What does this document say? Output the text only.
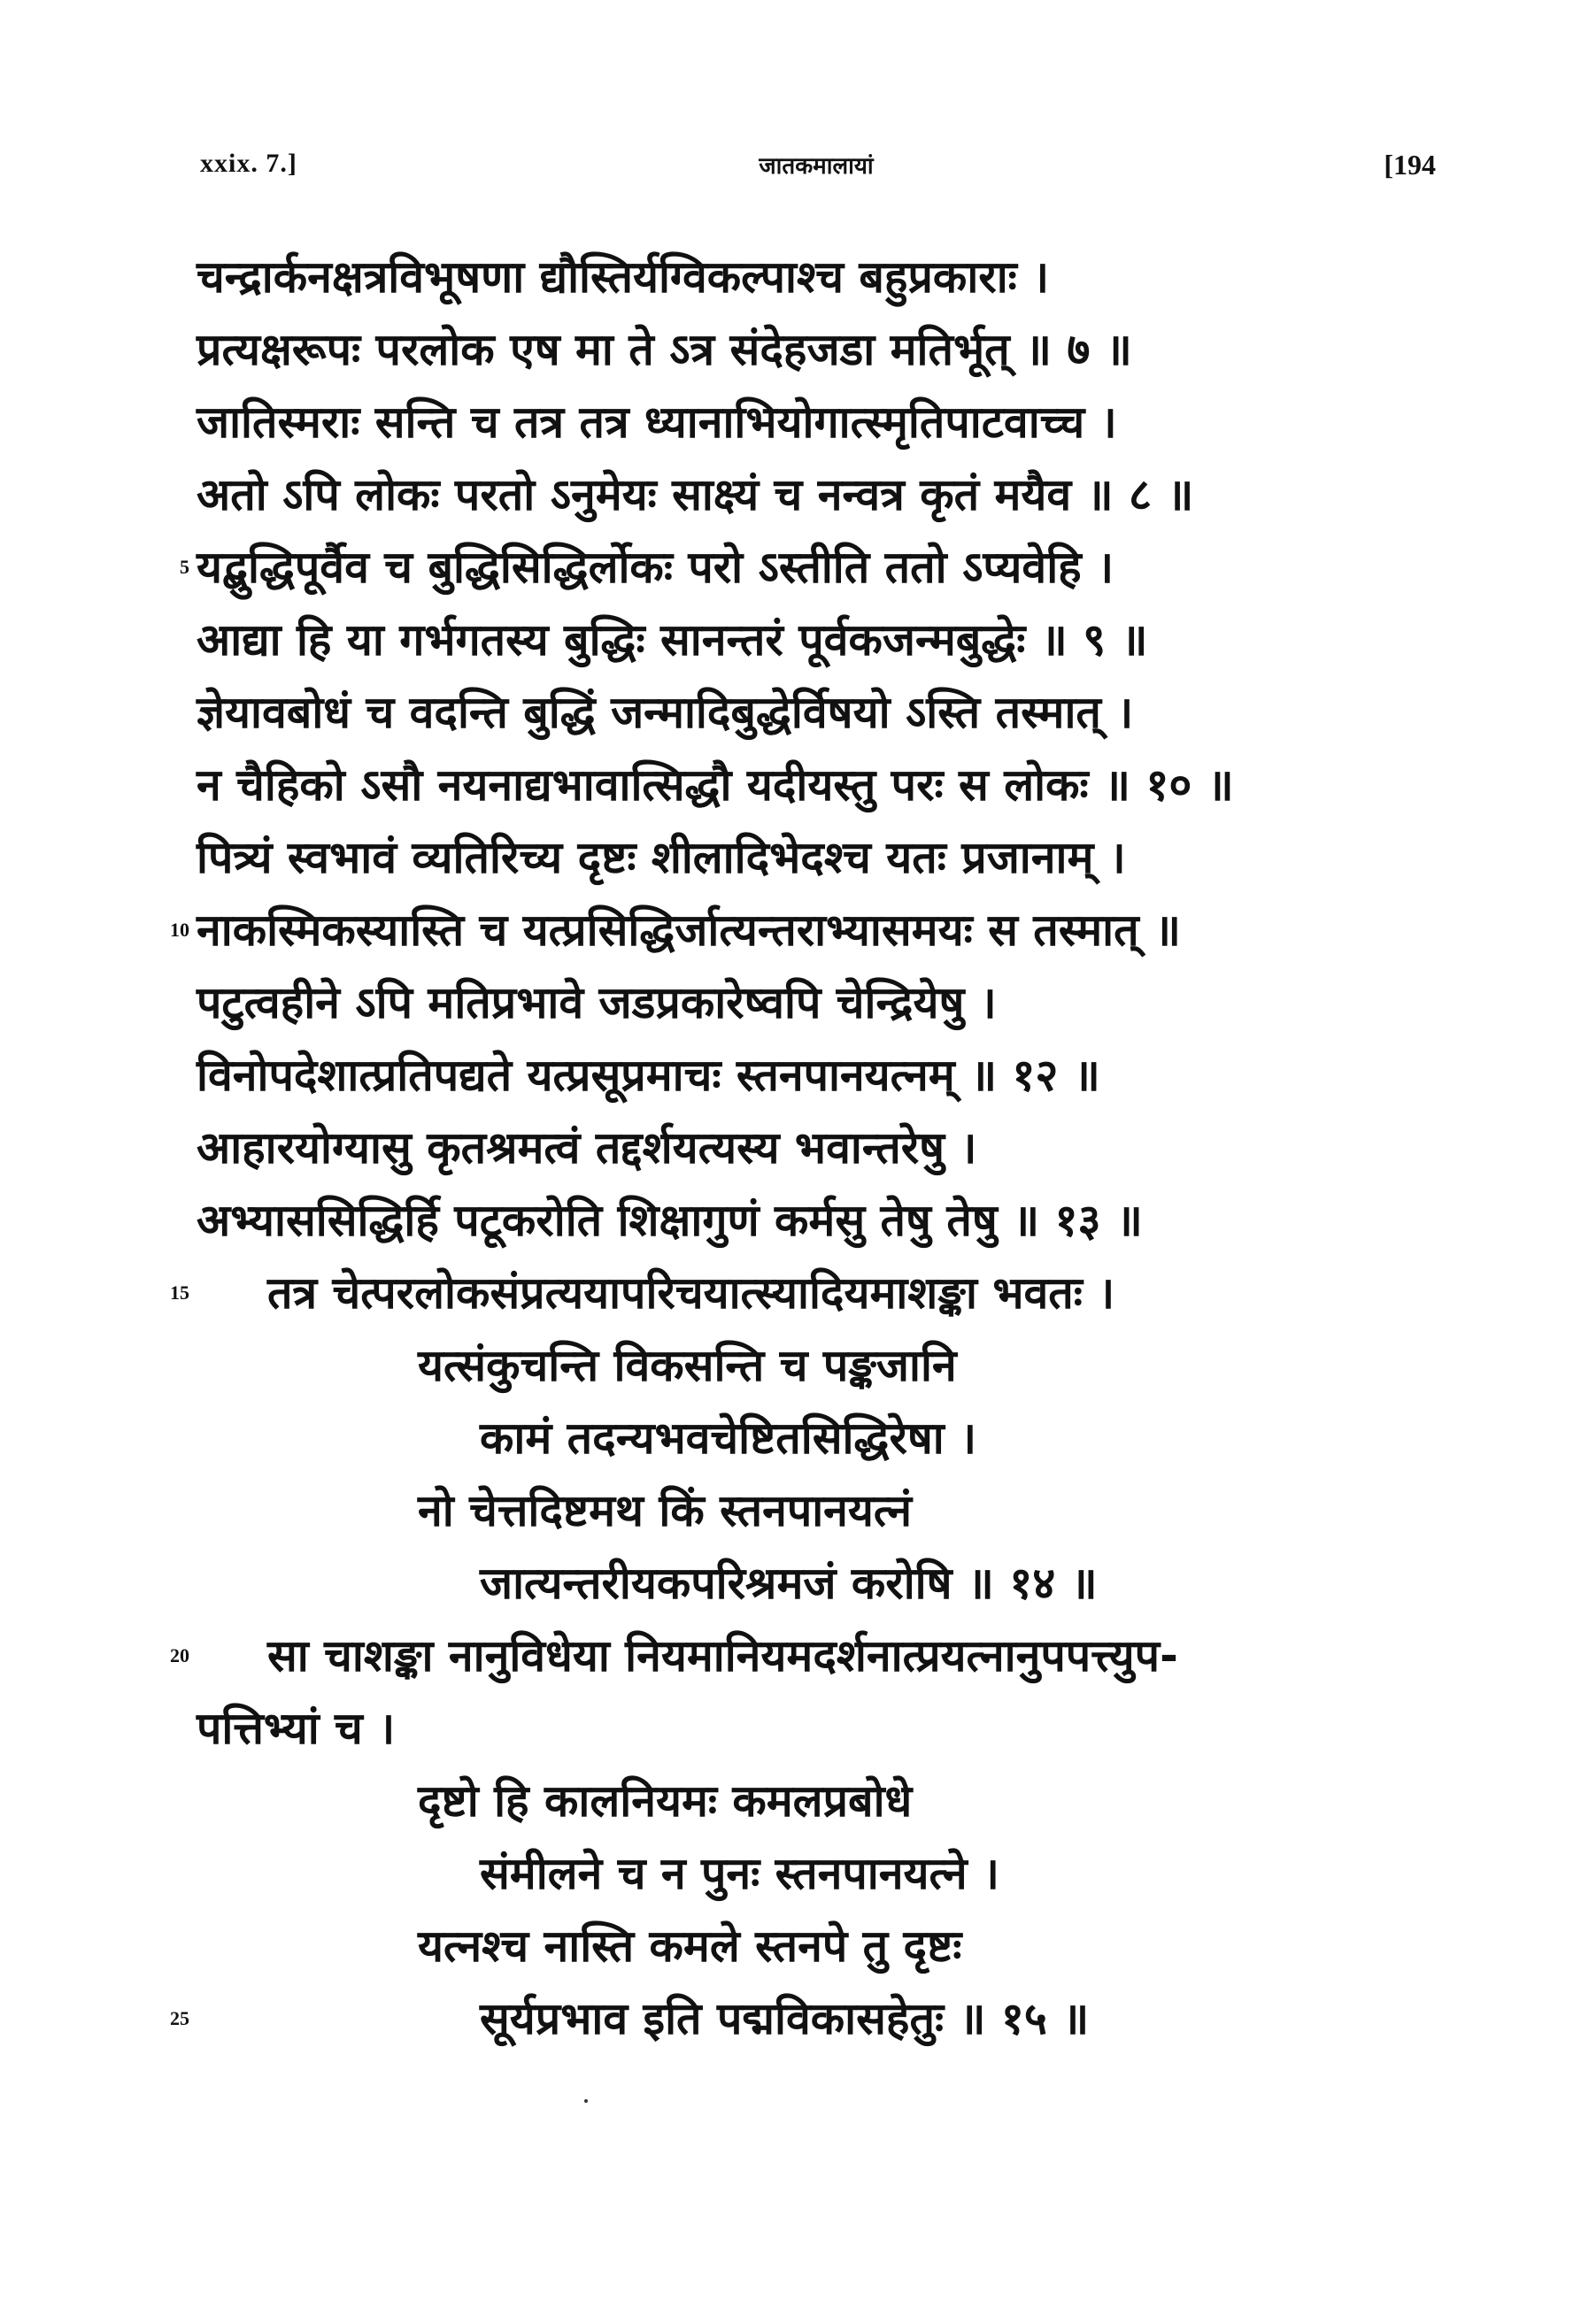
xxix. 7.]	जातकमालायां	[194
चन्द्रार्कनक्षत्रविभूषणा द्यौस्तिर्यग्विकल्पाश्च बहुप्रकाराः ।
प्रत्यक्षरूपः परलोक एष मा ते ऽत्र संदेहजडा मतिर्भूत् ॥ ७ ॥
जातिस्मराः सन्ति च तत्र तत्र ध्यानाभियोगात्स्मृतिपाटवाच्च ।
अतो ऽपि लोकः परतो ऽनुमेयः साक्ष्यं च नन्वत्र कृतं मयैव ॥ ८ ॥
5 यद्बुद्धिपूर्वैव च बुद्धिसिद्धिर्लोकः परो ऽस्तीति ततो ऽप्यवेहि ।
आद्या हि या गर्भगतस्य बुद्धिः सानन्तरं पूर्वकजन्मबुद्धेः ॥ ९ ॥
ज्ञेयावबोधं च वदन्ति बुद्धिं जन्मादिबुद्धेर्विषयो ऽस्ति तस्मात् ।
न चैहिको ऽसौ नयनाद्यभावात्सिद्धौ यदीयस्तु परः स लोकः ॥ १० ॥
पित्र्यं स्वभावं व्यतिरिच्य दृष्टः शीलादिभेदश्च यतः प्रजानाम् ।
10 नाकस्मिकस्यास्ति च यत्प्रसिद्धिर्जात्यन्तराभ्यासमयः स तस्मात् ॥
पटुत्वहीने ऽपि मतिप्रभावे जडप्रकारेष्वपि चेन्द्रियेषु ।
विनोपदेशात्प्रतिपद्यते यत्प्रसूप्रमाचः स्तनपानयत्नम् ॥ १२ ॥
आहारयोग्यासु कृतश्रमत्वं तद्दर्शयत्यस्य भवान्तरेषु ।
अभ्याससिद्धिर्हि पटूकरोति शिक्षागुणं कर्मसु तेषु तेषु ॥ १३ ॥
15 तत्र चेत्परलोकसंप्रत्ययापरिचयात्स्यादियमाशङ्का भवतः ।
यत्संकुचन्ति विकसन्ति च पङ्कजानि
कामं तदन्यभवचेष्टितसिद्धिरेषा ।
नो चेत्तदिष्टमथ किं स्तनपानयत्नं
जात्यन्तरीयकपरिश्रमजं करोषि ॥ १४ ॥
20 सा चाशङ्का नानुविधेया नियमानियमदर्शनात्प्रयत्नानुपपत्त्युप-
पत्तिभ्यां च ।
दृष्टो हि कालनियमः कमलप्रबोधे
संमीलने च न पुनः स्तनपानयत्ने ।
यत्नश्च नास्ति कमले स्तनपे तु दृष्टः
25	सूर्यप्रभाव इति पद्मविकासहेतुः ॥ १५ ॥
